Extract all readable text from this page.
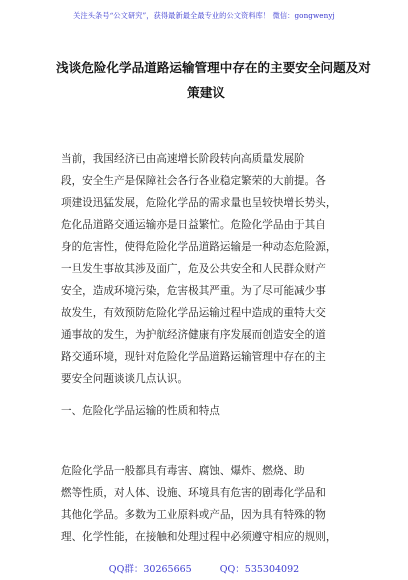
关注头条号“公文研究”，获得最新最全最专业的公文资料库！ 微信：gongwenyj
浅谈危险化学品道路运输管理中存在的主要安全问题及对
策建议
当前，我国经济已由高速增长阶段转向高质量发展阶
段，安全生产是保障社会各行各业稳定繁荣的大前提。各
项建设迅猛发展，危险化学品的需求量也呈较快增长势头，
危化品道路交通运输亦是日益繁忙。危险化学品由于其自
身的危害性，使得危险化学品道路运输是一种动态危险源，
一旦发生事故其涉及面广，危及公共安全和人民群众财产
安全，造成环境污染，危害极其严重。为了尽可能减少事
故发生，有效预防危险化学品运输过程中造成的重特大交
通事故的发生，为护航经济健康有序发展而创造安全的道
路交通环境，现针对危险化学品道路运输管理中存在的主
要安全问题谈谈几点认识。
一、危险化学品运输的性质和特点
危险化学品一般都具有毒害、腐蚀、爆炸、燃烧、助
燃等性质，对人体、设施、环境具有危害的剧毒化学品和
其他化学品。多数为工业原料或产品，因为具有特殊的物
理、化学性能，在接触和处理过程中必须遵守相应的规则，
QQ群：30265665	QQ：535304092
